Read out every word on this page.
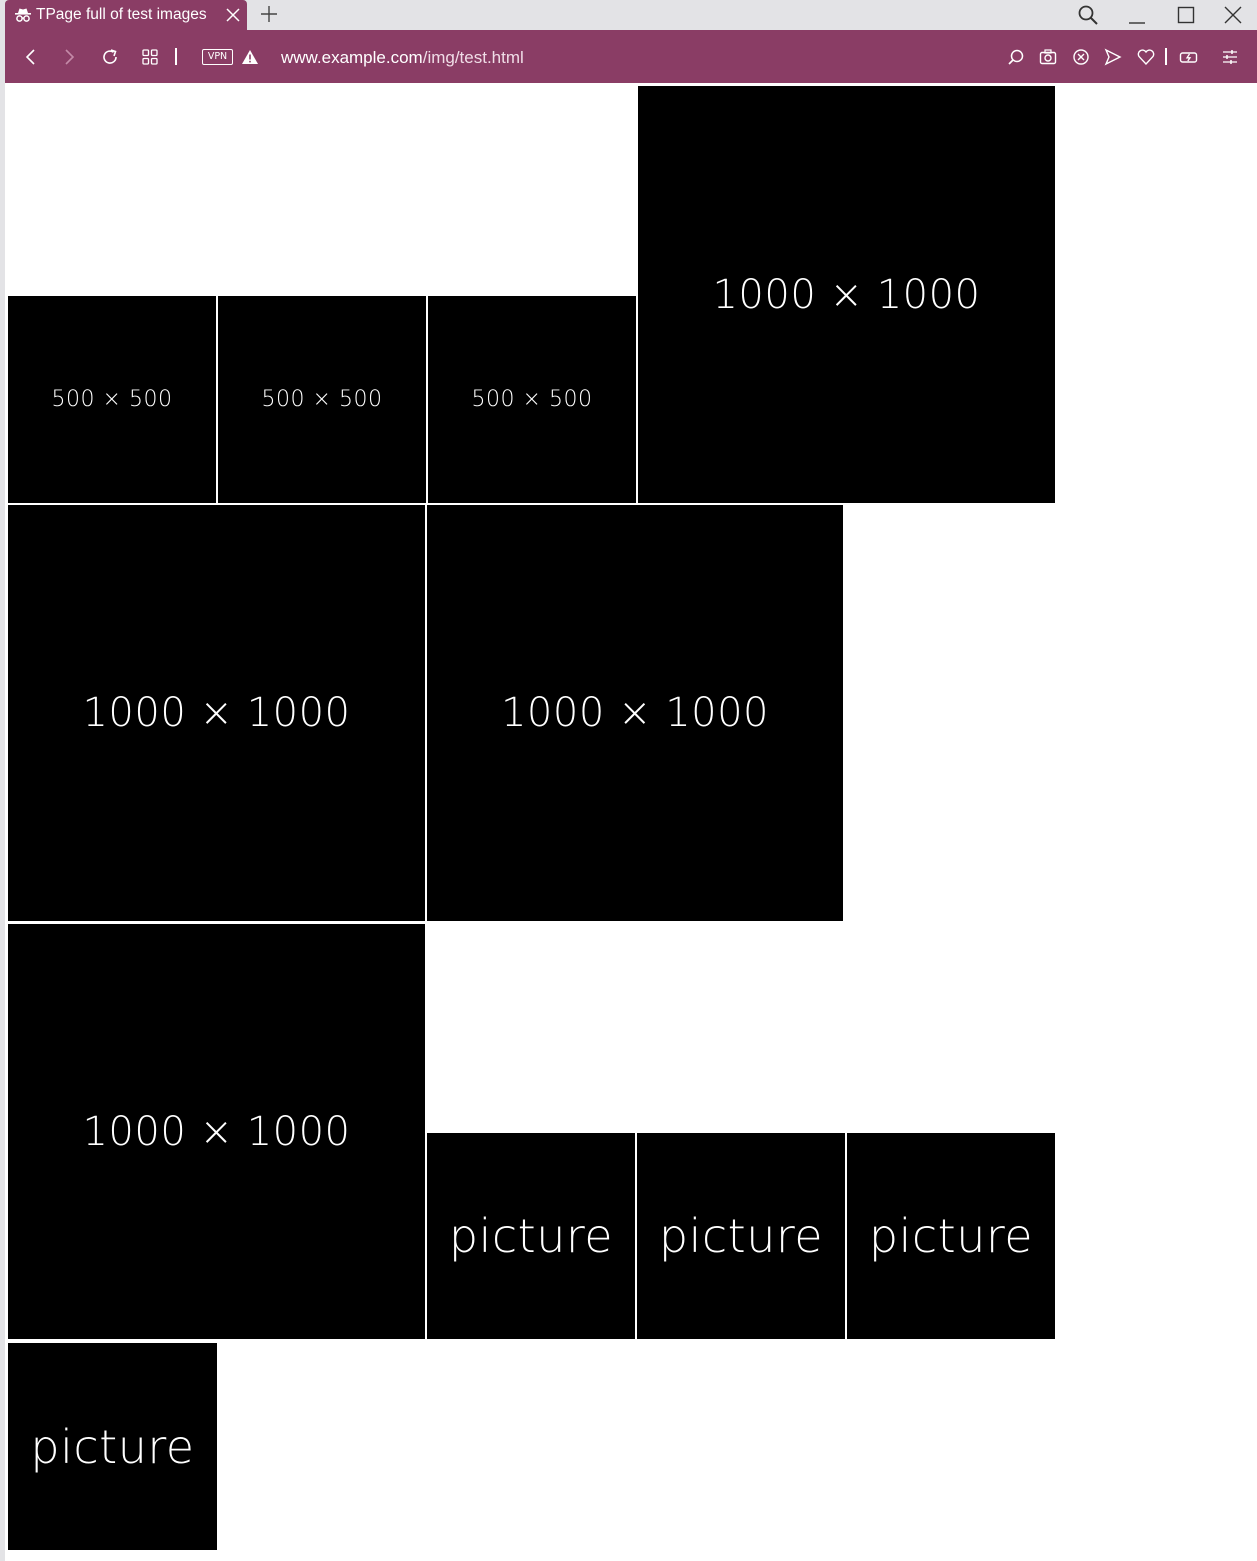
TPage full of test images
VPN	www.example.com/img/test.html
500 × 500	500 × 500	500 × 500
1000 × 1000
1000 × 1000	1000 × 1000
1000 × 1000
picture picture picture
picture
